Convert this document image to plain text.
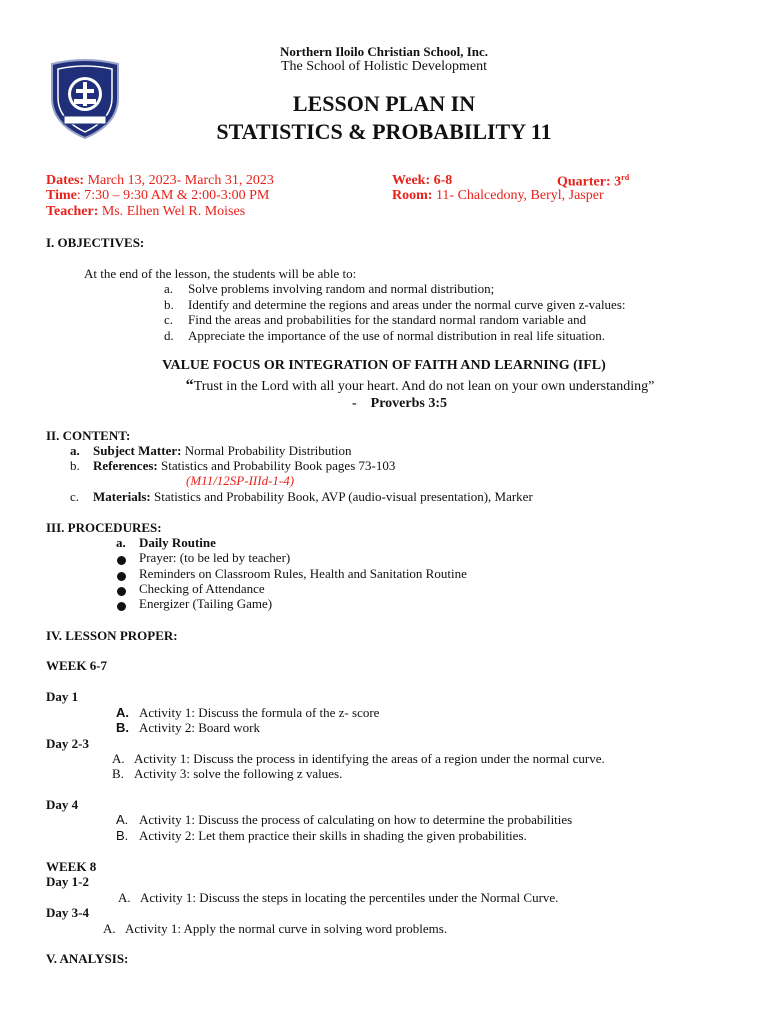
Northern Iloilo Christian School, Inc.
The School of Holistic Development
LESSON PLAN IN
STATISTICS & PROBABILITY 11
Dates: March 13, 2023- March 31, 2023
Time: 7:30 – 9:30 AM & 2:00-3:00 PM
Teacher: Ms. Elhen Wel R. Moises
Week: 6-8	Quarter: 3rd
Room: 11- Chalcedony, Beryl, Jasper
I. OBJECTIVES:
At the end of the lesson, the students will be able to:
a. Solve problems involving random and normal distribution;
b. Identify and determine the regions and areas under the normal curve given z-values:
c. Find the areas and probabilities for the standard normal random variable and
d. Appreciate the importance of the use of normal distribution in real life situation.
VALUE FOCUS OR INTEGRATION OF FAITH AND LEARNING (IFL)
“Trust in the Lord with all your heart. And do not lean on your own understanding”
- Proverbs 3:5
II. CONTENT:
a. Subject Matter: Normal Probability Distribution
b. References: Statistics and Probability Book pages 73-103
(M11/12SP-IIId-1-4)
c. Materials: Statistics and Probability Book, AVP (audio-visual presentation), Marker
III. PROCEDURES:
a. Daily Routine
Prayer: (to be led by teacher)
Reminders on Classroom Rules, Health and Sanitation Routine
Checking of Attendance
Energizer (Tailing Game)
IV. LESSON PROPER:
WEEK 6-7
Day 1
A. Activity 1: Discuss the formula of the z- score
B. Activity 2: Board work
Day 2-3
A. Activity 1: Discuss the process in identifying the areas of a region under the normal curve.
B. Activity 3: solve the following z values.
Day 4
A. Activity 1: Discuss the process of calculating on how to determine the probabilities
B. Activity 2: Let them practice their skills in shading the given probabilities.
WEEK 8
Day 1-2
A. Activity 1: Discuss the steps in locating the percentiles under the Normal Curve.
Day 3-4
A. Activity 1: Apply the normal curve in solving word problems.
V. ANALYSIS:
